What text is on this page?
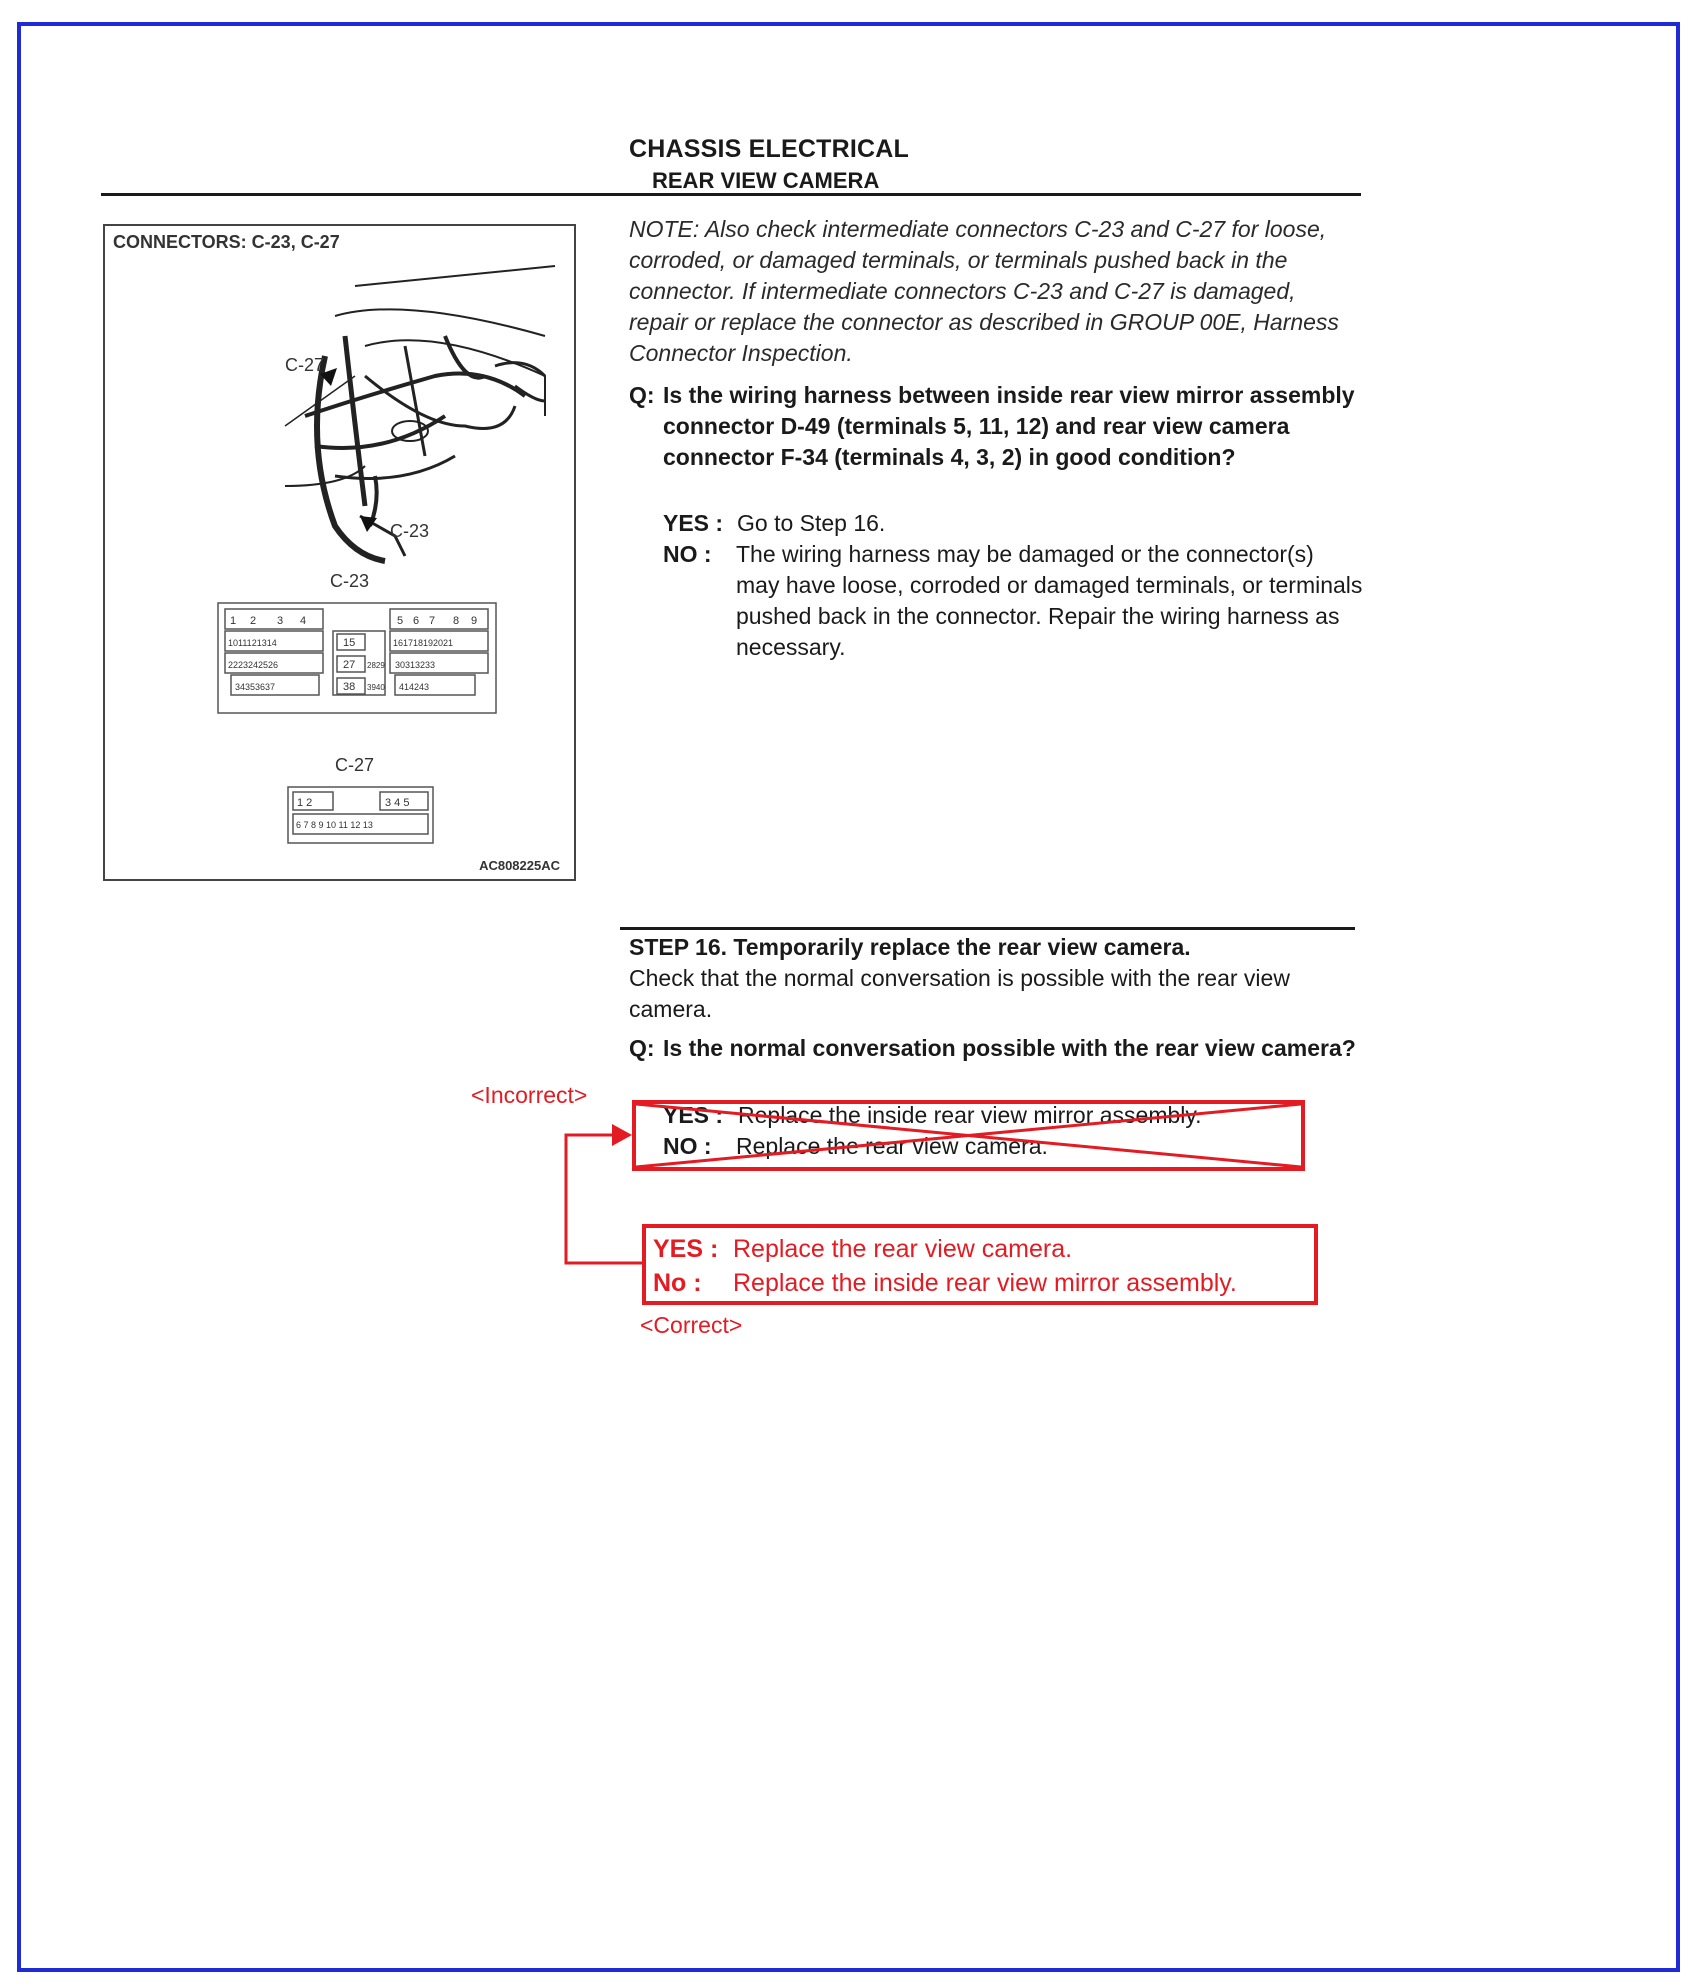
CHASSIS ELECTRICAL
REAR VIEW CAMERA
C-27
C-23
C-23
1 2 3 4	5 6 7 8 9
1011121314	15	161718192021
2223242526	27 2829 30313233
34353637	38 3940 414243
C-27
1 2	3 4 5
6 7 8 9 10 11 12 13
CONNECTORS: C-23, C-27
AC808225AC
NOTE: Also check intermediate connectors C-23 and C-27 for loose, corroded, or damaged terminals, or terminals pushed back in the connector. If intermediate connectors C-23 and C-27 is damaged, repair or replace the connector as described in GROUP 00E, Harness Connector Inspection.
Q: Is the wiring harness between inside rear view mirror assembly connector D-49 (terminals 5, 11, 12) and rear view camera connector F-34 (terminals 4, 3, 2) in good condition?
YES : Go to Step 16.
NO : The wiring harness may be damaged or the connector(s) may have loose, corroded or damaged terminals, or terminals pushed back in the connector. Repair the wiring harness as necessary.
STEP 16. Temporarily replace the rear view camera.
Check that the normal conversation is possible with the rear view camera.
Q: Is the normal conversation possible with the rear view camera?
YES : Replace the inside rear view mirror assembly.
NO : Replace the rear view camera.
<Incorrect>
YES : Replace the rear view camera.
No : Replace the inside rear view mirror assembly.
<Correct>
